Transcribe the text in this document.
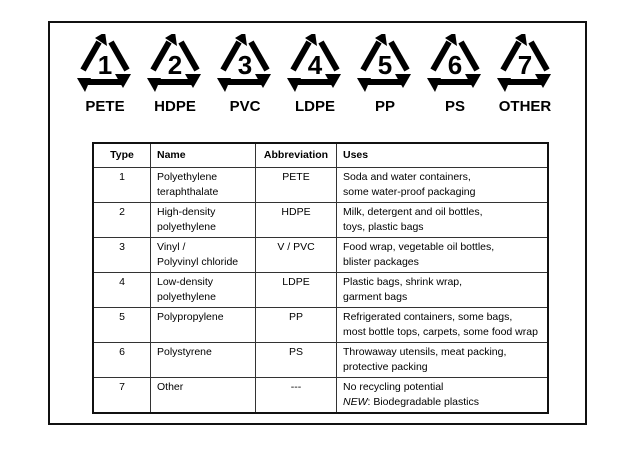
1
PETE
2
HDPE
3
PVC
4
LDPE
5
PP
6
PS
7
OTHER
Type	Name	Abbreviation	Uses
1	Polyethylene
teraphthalate	PETE	Soda and water containers,
some water-proof packaging

2	High-density
polyethylene	HDPE	Milk, detergent and oil bottles,
toys, plastic bags

3	Vinyl /
Polyvinyl chloride	V / PVC	Food wrap, vegetable oil bottles,
blister packages

4	Low-density
polyethylene	LDPE	Plastic bags, shrink wrap,
garment bags

5	Polypropylene	PP	Refrigerated containers, some bags,
most bottle tops, carpets, some food wrap

6	Polystyrene	PS	Throwaway utensils, meat packing,
protective packing

7	Other	---	No recycling potential
NEW: Biodegradable plastics
